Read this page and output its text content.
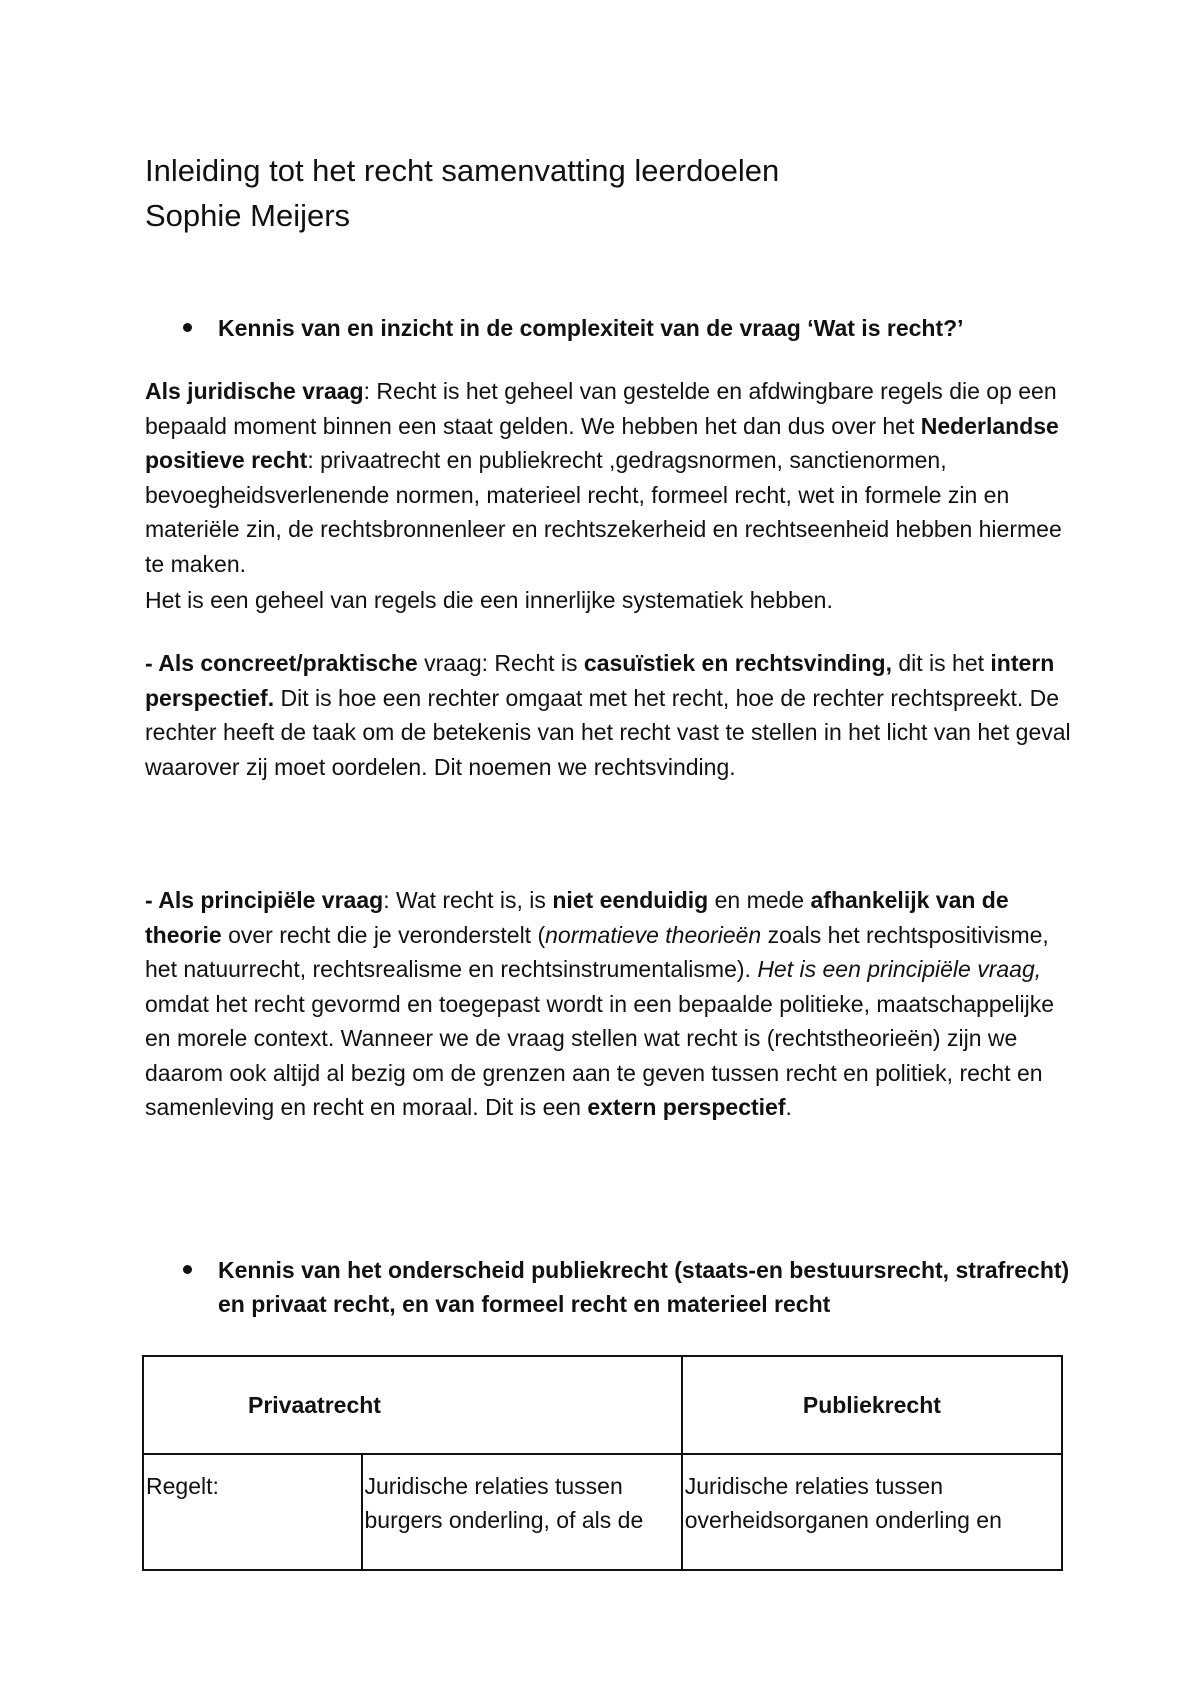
Inleiding tot het recht samenvatting leerdoelen
Sophie Meijers

Kennis van en inzicht in de complexiteit van de vraag ‘Wat is recht?’

Als juridische vraag: Recht is het geheel van gestelde en afdwingbare regels die op een bepaald moment binnen een staat gelden. We hebben het dan dus over het Nederlandse positieve recht: privaatrecht en publiekrecht ,gedragsnormen, sanctienormen, bevoegheidsverlenende normen, materieel recht, formeel recht, wet in formele zin en materiële zin, de rechtsbronnenleer en rechtszekerheid en rechtseenheid hebben hiermee te maken.

Het is een geheel van regels die een innerlijke systematiek hebben.

- Als concreet/praktische vraag: Recht is casuïstiek en rechtsvinding, dit is het intern perspectief. Dit is hoe een rechter omgaat met het recht, hoe de rechter rechtspreekt. De rechter heeft de taak om de betekenis van het recht vast te stellen in het licht van het geval waarover zij moet oordelen. Dit noemen we rechtsvinding.

- Als principiële vraag: Wat recht is, is niet eenduidig en mede afhankelijk van de theorie over recht die je veronderstelt (normatieve theorieën zoals het rechtspositivisme, het natuurrecht, rechtsrealisme en rechtsinstrumentalisme). Het is een principiële vraag, omdat het recht gevormd en toegepast wordt in een bepaalde politieke, maatschappelijke en morele context. Wanneer we de vraag stellen wat recht is (rechtstheorieën) zijn we daarom ook altijd al bezig om de grenzen aan te geven tussen recht en politiek, recht en samenleving en recht en moraal. Dit is een extern perspectief.

Kennis van het onderscheid publiekrecht (staats-en bestuursrecht, strafrecht) en privaat recht, en van formeel recht en materieel recht

Privaatrecht		Publiekrecht
Regelt:	Juridische relaties tussen burgers onderling, of als de	Juridische relaties tussen overheidsorganen onderling en
